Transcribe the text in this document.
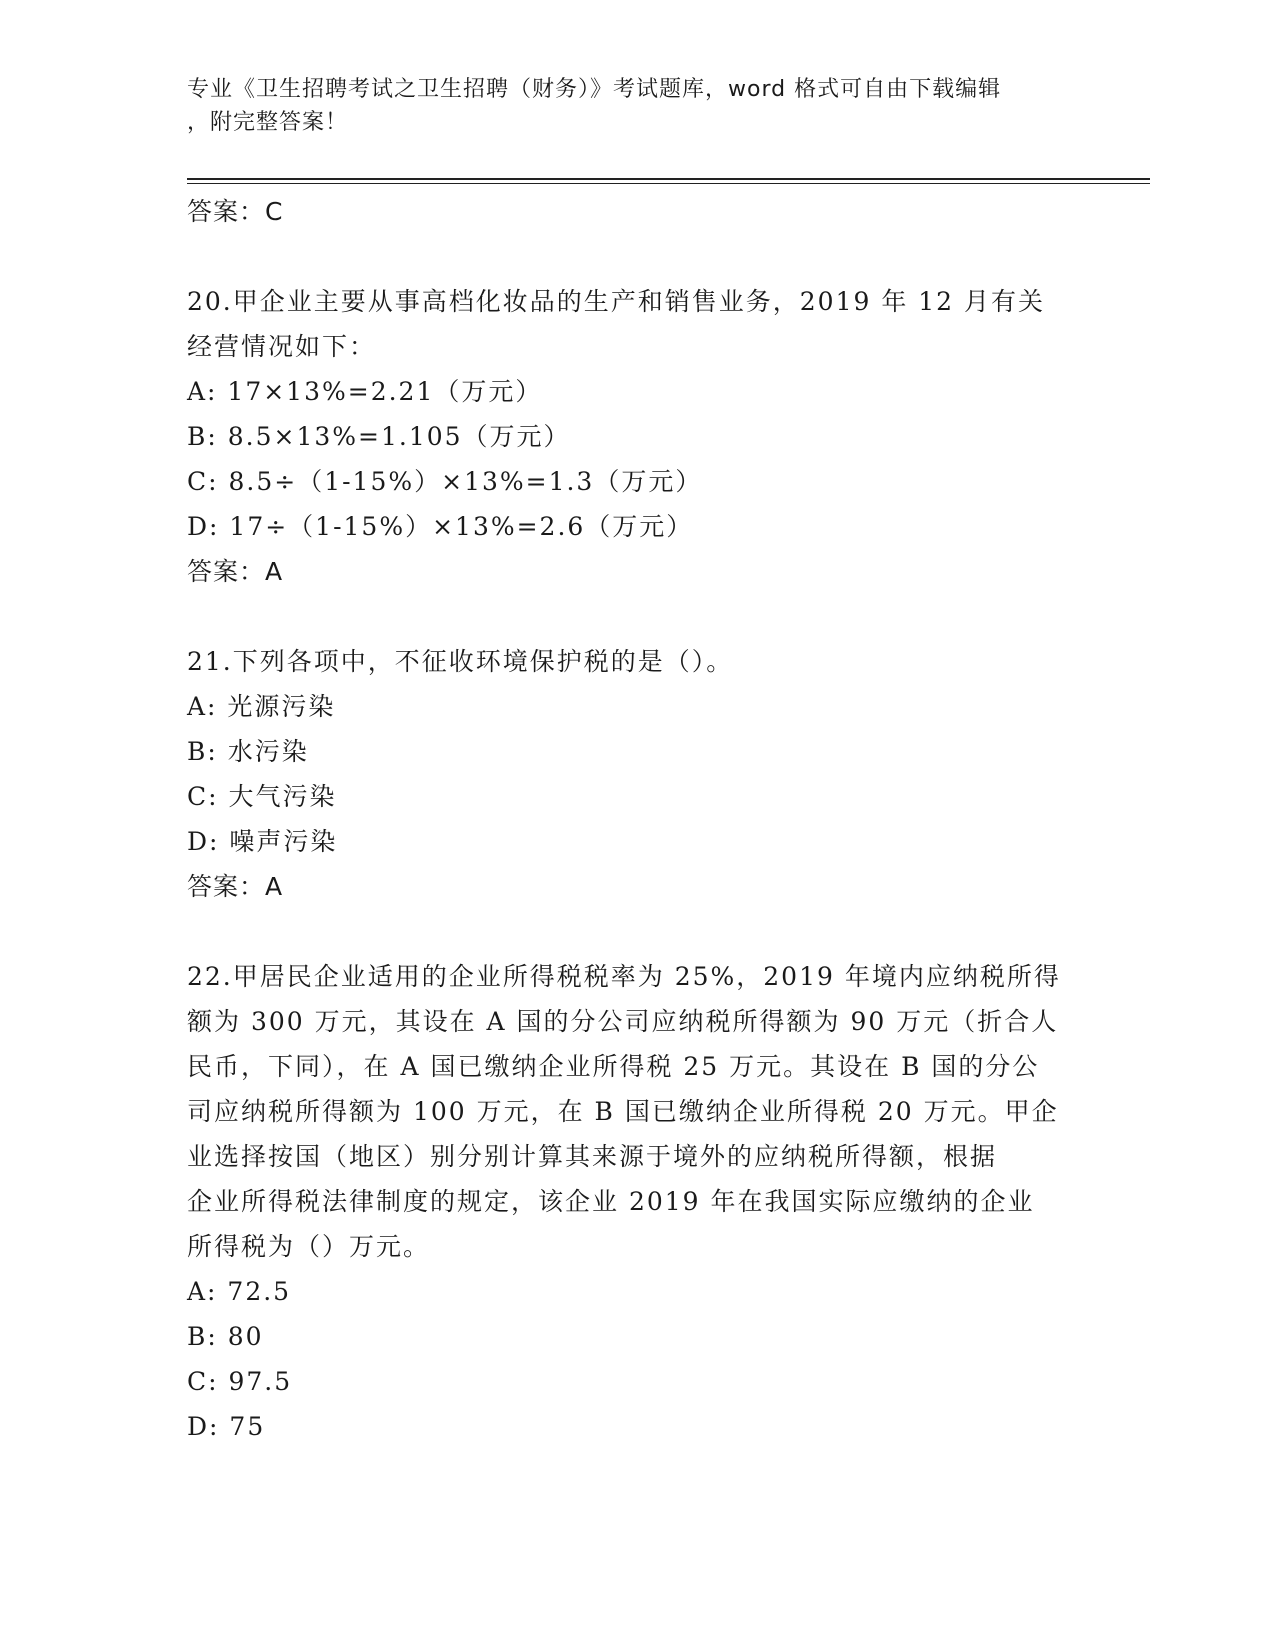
专业《卫生招聘考试之卫生招聘（财务）》考试题库，word 格式可自由下载编辑
，附完整答案！
答案：C
20.甲企业主要从事高档化妆品的生产和销售业务，2019 年 12 月有关
经营情况如下：
A: 17×13%=2.21（万元）
B: 8.5×13%=1.105（万元）
C: 8.5÷（1-15%）×13%=1.3（万元）
D: 17÷（1-15%）×13%=2.6（万元）
答案：A
21.下列各项中，不征收环境保护税的是（）。
A: 光源污染
B: 水污染
C: 大气污染
D: 噪声污染
答案：A
22.甲居民企业适用的企业所得税税率为 25%，2019 年境内应纳税所得
额为 300 万元，其设在 A 国的分公司应纳税所得额为 90 万元（折合人
民币，下同），在 A 国已缴纳企业所得税 25 万元。其设在 B 国的分公
司应纳税所得额为 100 万元，在 B 国已缴纳企业所得税 20 万元。甲企
业选择按国（地区）别分别计算其来源于境外的应纳税所得额，根据
企业所得税法律制度的规定，该企业 2019 年在我国实际应缴纳的企业
所得税为（）万元。
A: 72.5
B: 80
C: 97.5
D: 75
